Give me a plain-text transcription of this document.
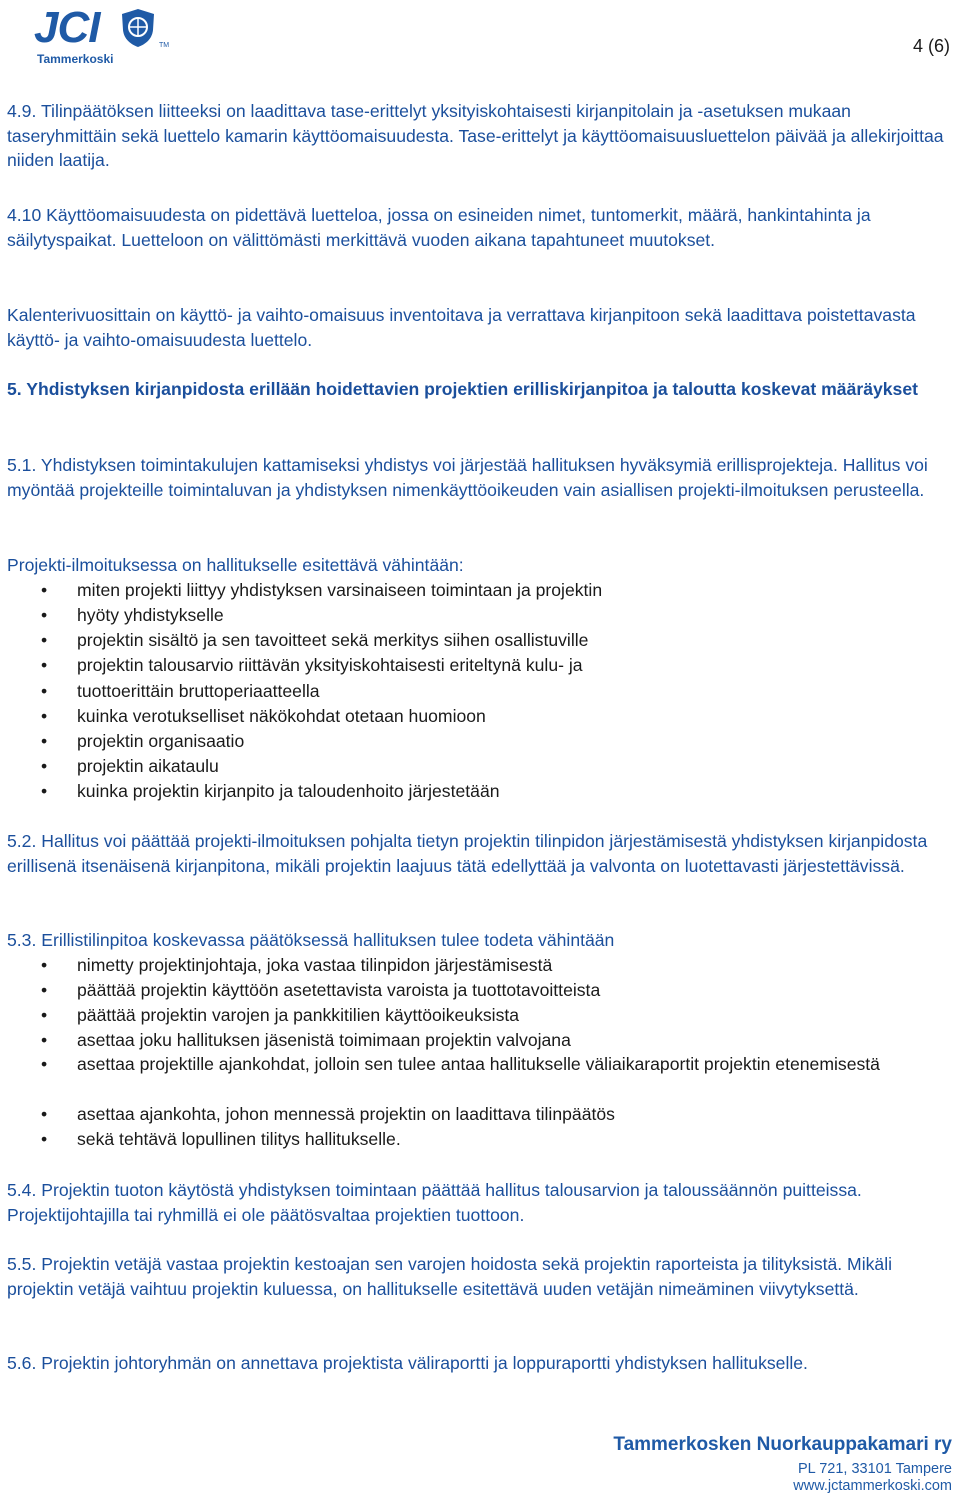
JCI	TM
Tammerkoski
4 (6)
4.9. Tilinpäätöksen liitteeksi on laadittava tase-erittelyt yksityiskohtaisesti kirjanpitolain ja -asetuksen mukaan taseryhmittäin sekä luettelo kamarin käyttöomaisuudesta. Tase-erittelyt ja käyttöomaisuusluettelon päivää ja allekirjoittaa niiden laatija.
4.10 Käyttöomaisuudesta on pidettävä luetteloa, jossa on esineiden nimet, tuntomerkit, määrä, hankintahinta ja säilytyspaikat. Luetteloon on välittömästi merkittävä vuoden aikana tapahtuneet muutokset.
Kalenterivuosittain on käyttö- ja vaihto-omaisuus inventoitava ja verrattava kirjanpitoon sekä laadittava poistettavasta käyttö- ja vaihto-omaisuudesta luettelo.
5. Yhdistyksen kirjanpidosta erillään hoidettavien projektien erilliskirjanpitoa ja taloutta koskevat määräykset
5.1. Yhdistyksen toimintakulujen kattamiseksi yhdistys voi järjestää hallituksen hyväksymiä erillisprojekteja. Hallitus voi myöntää projekteille toimintaluvan ja yhdistyksen nimenkäyttöoikeuden vain asiallisen projekti-ilmoituksen perusteella.
Projekti-ilmoituksessa on hallitukselle esitettävä vähintään:
• miten projekti liittyy yhdistyksen varsinaiseen toimintaan ja projektin
• hyöty yhdistykselle
• projektin sisältö ja sen tavoitteet sekä merkitys siihen osallistuville
• projektin talousarvio riittävän yksityiskohtaisesti eriteltynä kulu- ja
• tuottoerittäin bruttoperiaatteella
• kuinka verotukselliset näkökohdat otetaan huomioon
• projektin organisaatio
• projektin aikataulu
• kuinka projektin kirjanpito ja taloudenhoito järjestetään
5.2. Hallitus voi päättää projekti-ilmoituksen pohjalta tietyn projektin tilinpidon järjestämisestä yhdistyksen kirjanpidosta erillisenä itsenäisenä kirjanpitona, mikäli projektin laajuus tätä edellyttää ja valvonta on luotettavasti järjestettävissä.
5.3. Erillistilinpitoa koskevassa päätöksessä hallituksen tulee todeta vähintään
• nimetty projektinjohtaja, joka vastaa tilinpidon järjestämisestä
• päättää projektin käyttöön asetettavista varoista ja tuottotavoitteista
• päättää projektin varojen ja pankkitilien käyttöoikeuksista
• asettaa joku hallituksen jäsenistä toimimaan projektin valvojana
• asettaa projektille ajankohdat, jolloin sen tulee antaa hallitukselle väliaikaraportit projektin etenemisestä
• asettaa ajankohta, johon mennessä projektin on laadittava tilinpäätös
• sekä tehtävä lopullinen tilitys hallitukselle.
5.4. Projektin tuoton käytöstä yhdistyksen toimintaan päättää hallitus talousarvion ja taloussäännön puitteissa. Projektijohtajilla tai ryhmillä ei ole päätösvaltaa projektien tuottoon.
5.5. Projektin vetäjä vastaa projektin kestoajan sen varojen hoidosta sekä projektin raporteista ja tilityksistä. Mikäli projektin vetäjä vaihtuu projektin kuluessa, on hallitukselle esitettävä uuden vetäjän nimeäminen viivytyksettä.
5.6. Projektin johtoryhmän on annettava projektista väliraportti ja loppuraportti yhdistyksen hallitukselle.
Tammerkosken Nuorkauppakamari ry
PL 721, 33101 Tampere
www.jctammerkoski.com
